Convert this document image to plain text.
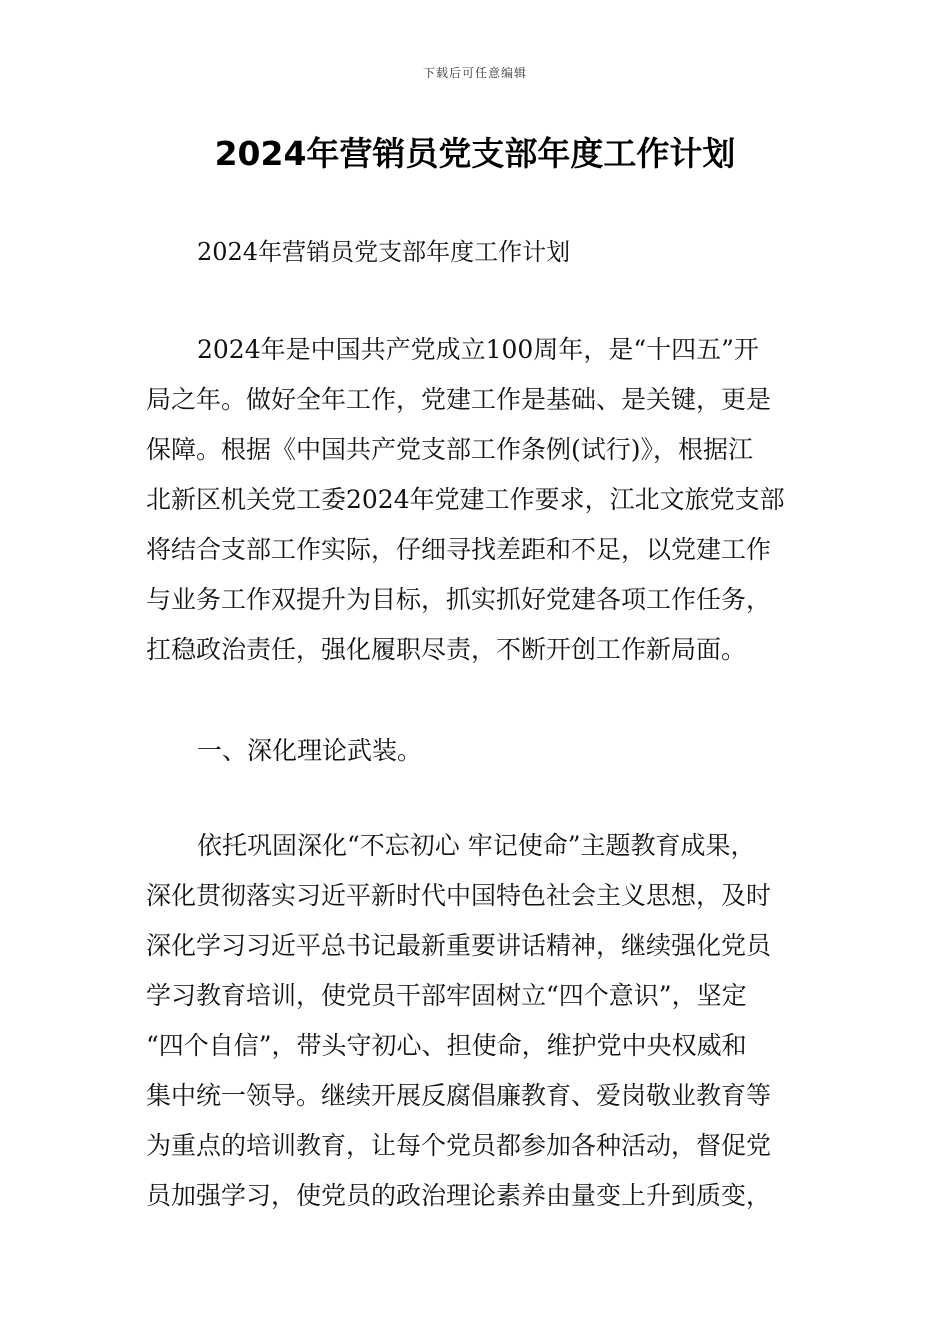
下载后可任意编辑
2024年营销员党支部年度工作计划
2024年营销员党支部年度工作计划
2024年是中国共产党成立100周年，是“十四五”开
局之年。做好全年工作，党建工作是基础、是关键，更是
保障。根据《中国共产党支部工作条例(试行)》，根据江
北新区机关党工委2024年党建工作要求，江北文旅党支部
将结合支部工作实际，仔细寻找差距和不足，以党建工作
与业务工作双提升为目标，抓实抓好党建各项工作任务，
扛稳政治责任，强化履职尽责，不断开创工作新局面。
一、深化理论武装。
依托巩固深化“不忘初心 牢记使命”主题教育成果，
深化贯彻落实习近平新时代中国特色社会主义思想，及时
深化学习习近平总书记最新重要讲话精神，继续强化党员
学习教育培训，使党员干部牢固树立“四个意识”，坚定
“四个自信”，带头守初心、担使命，维护党中央权威和
集中统一领导。继续开展反腐倡廉教育、爱岗敬业教育等
为重点的培训教育，让每个党员都参加各种活动，督促党
员加强学习，使党员的政治理论素养由量变上升到质变，
